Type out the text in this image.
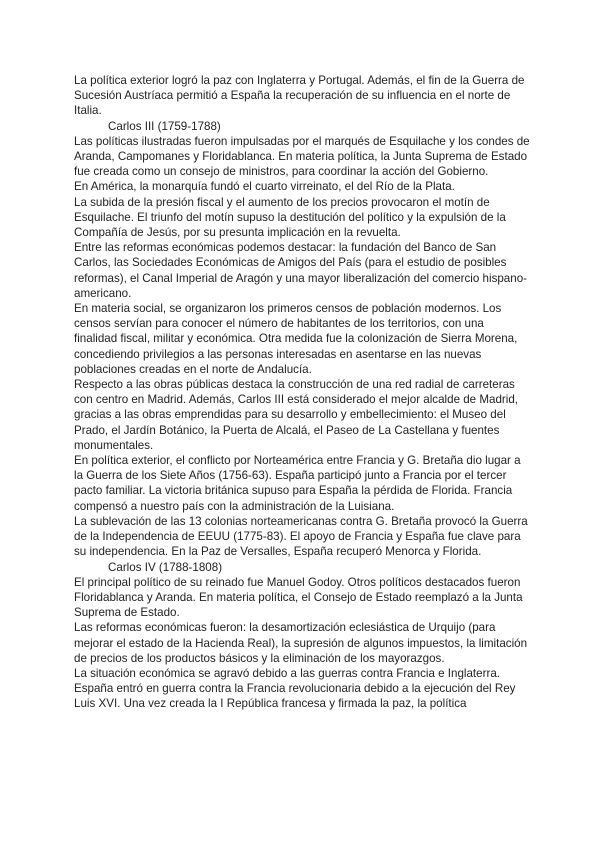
La política exterior logró la paz con Inglaterra y Portugal. Además, el fin de la Guerra de Sucesión Austríaca permitió a España la recuperación de su influencia en el norte de Italia.

Carlos III (1759-1788)

Las políticas ilustradas fueron impulsadas por el marqués de Esquilache y los condes de Aranda, Campomanes y Floridablanca. En materia política, la Junta Suprema de Estado fue creada como un consejo de ministros, para coordinar la acción del Gobierno.

En América, la monarquía fundó el cuarto virreinato, el del Río de la Plata.

La subida de la presión fiscal y el aumento de los precios provocaron el motín de Esquilache. El triunfo del motín supuso la destitución del político y la expulsión de la Compañía de Jesús, por su presunta implicación en la revuelta.

Entre las reformas económicas podemos destacar: la fundación del Banco de San Carlos, las Sociedades Económicas de Amigos del País (para el estudio de posibles reformas), el Canal Imperial de Aragón y una mayor liberalización del comercio hispano-americano.

En materia social, se organizaron los primeros censos de población modernos. Los censos servían para conocer el número de habitantes de los territorios, con una finalidad fiscal, militar y económica. Otra medida fue la colonización de Sierra Morena, concediendo privilegios a las personas interesadas en asentarse en las nuevas poblaciones creadas en el norte de Andalucía.

Respecto a las obras públicas destaca la construcción de una red radial de carreteras con centro en Madrid. Además, Carlos III está considerado el mejor alcalde de Madrid, gracias a las obras emprendidas para su desarrollo y embellecimiento: el Museo del Prado, el Jardín Botánico, la Puerta de Alcalá, el Paseo de La Castellana y fuentes monumentales.

En política exterior, el conflicto por Norteamérica entre Francia y G. Bretaña dio lugar a la Guerra de los Siete Años (1756-63). España participó junto a Francia por el tercer pacto familiar. La victoria británica supuso para España la pérdida de Florida. Francia compensó a nuestro país con la administración de la Luisiana.

La sublevación de las 13 colonias norteamericanas contra G. Bretaña provocó la Guerra de la Independencia de EEUU (1775-83). El apoyo de Francia y España fue clave para su independencia. En la Paz de Versalles, España recuperó Menorca y Florida.

Carlos IV (1788-1808)

El principal político de su reinado fue Manuel Godoy. Otros políticos destacados fueron Floridablanca y Aranda. En materia política, el Consejo de Estado reemplazó a la Junta Suprema de Estado.

Las reformas económicas fueron: la desamortización eclesiástica de Urquijo (para mejorar el estado de la Hacienda Real), la supresión de algunos impuestos, la limitación de precios de los productos básicos y la eliminación de los mayorazgos.

La situación económica se agravó debido a las guerras contra Francia e Inglaterra.

España entró en guerra contra la Francia revolucionaria debido a la ejecución del Rey Luis XVI. Una vez creada la I República francesa y firmada la paz, la política
